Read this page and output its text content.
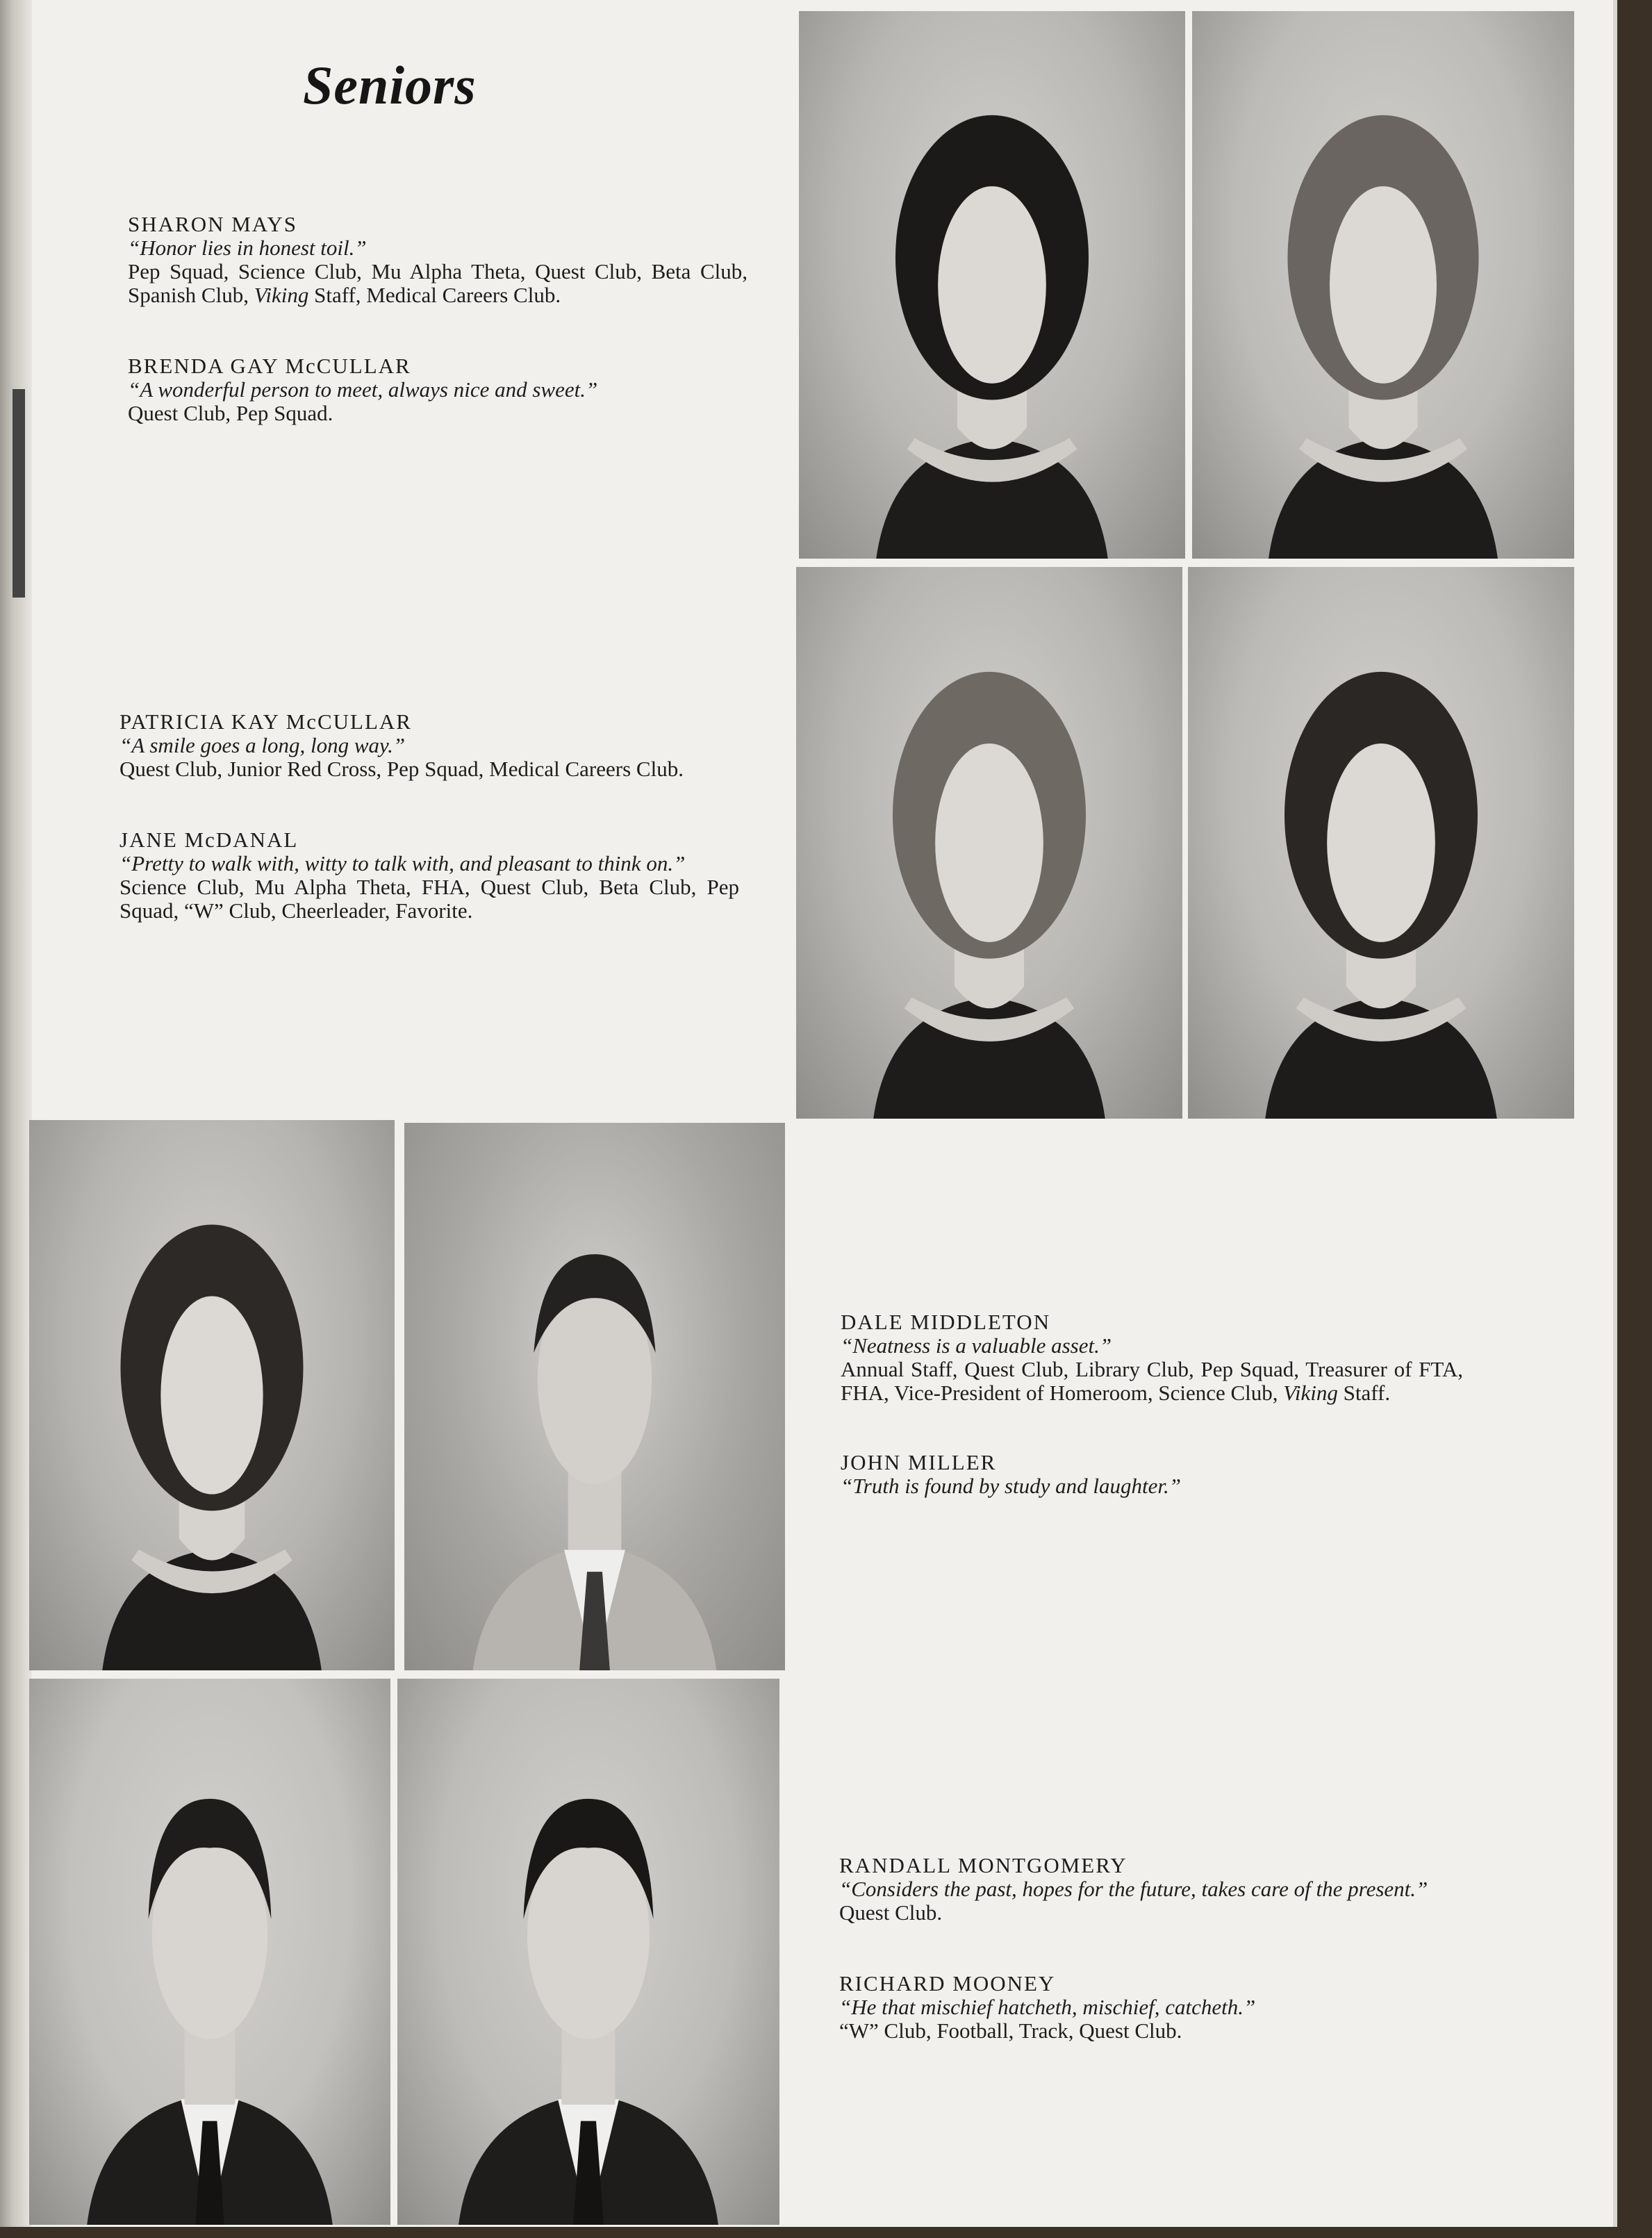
Seniors
SHARON MAYS
“Honor lies in honest toil.”
Pep Squad, Science Club, Mu Alpha Theta, Quest Club, Beta Club, Spanish Club, Viking Staff, Medical Careers Club.
BRENDA GAY McCULLAR
“A wonderful person to meet, always nice and sweet.”
Quest Club, Pep Squad.
PATRICIA KAY McCULLAR
“A smile goes a long, long way.”
Quest Club, Junior Red Cross, Pep Squad, Medical Careers Club.
JANE McDANAL
“Pretty to walk with, witty to talk with, and pleasant to think on.”
Science Club, Mu Alpha Theta, FHA, Quest Club, Beta Club, Pep Squad, “W” Club, Cheerleader, Favorite.
DALE MIDDLETON
“Neatness is a valuable asset.”
Annual Staff, Quest Club, Library Club, Pep Squad, Treasurer of FTA, FHA, Vice-President of Homeroom, Science Club, Viking Staff.
JOHN MILLER
“Truth is found by study and laughter.”
RANDALL MONTGOMERY
“Considers the past, hopes for the future, takes care of the present.”
Quest Club.
RICHARD MOONEY
“He that mischief hatcheth, mischief, catcheth.”
“W” Club, Football, Track, Quest Club.
